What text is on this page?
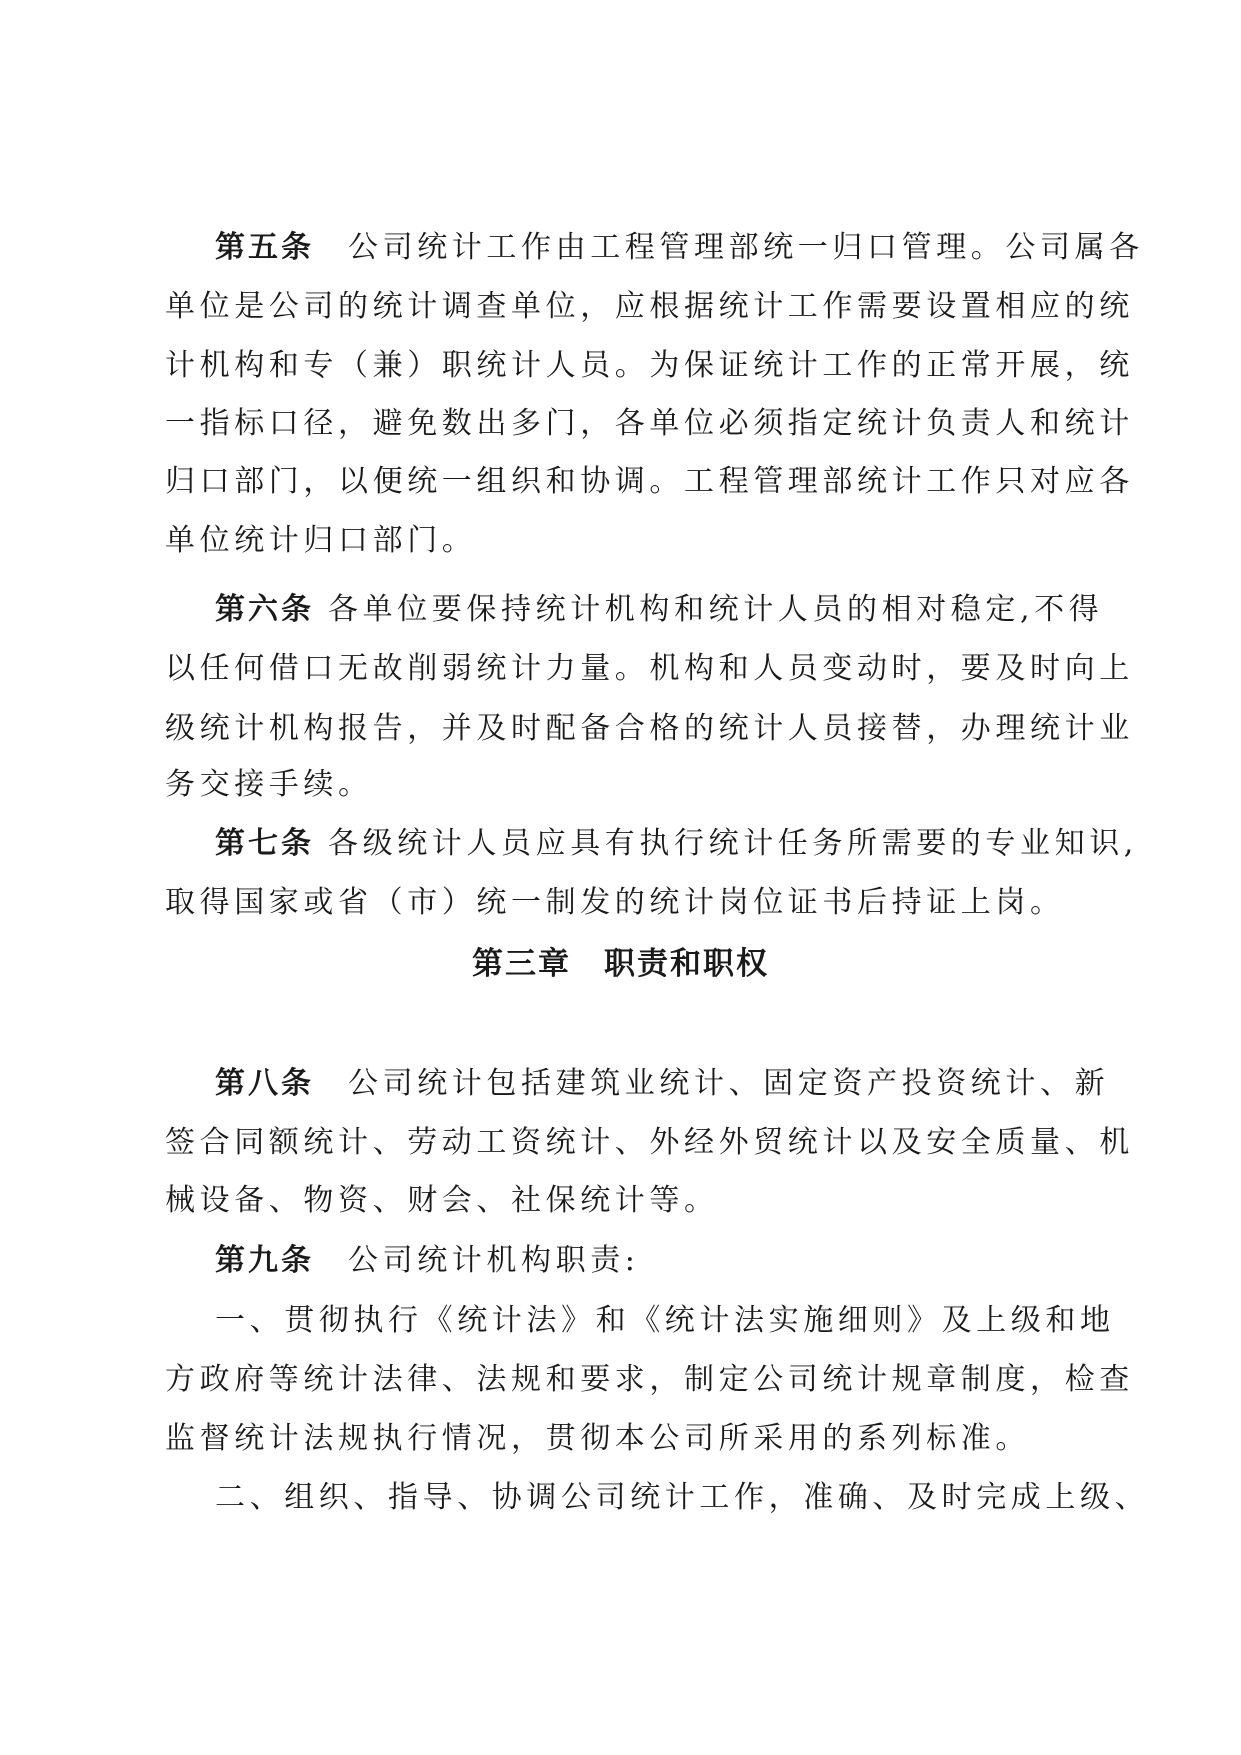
第五条 公司统计工作由工程管理部统一归口管理。公司属各
单位是公司的统计调查单位，应根据统计工作需要设置相应的统
计机构和专（兼）职统计人员。为保证统计工作的正常开展，统
一指标口径，避免数出多门，各单位必须指定统计负责人和统计
归口部门，以便统一组织和协调。工程管理部统计工作只对应各
单位统计归口部门。
第六条 各单位要保持统计机构和统计人员的相对稳定,不得
以任何借口无故削弱统计力量。机构和人员变动时，要及时向上
级统计机构报告，并及时配备合格的统计人员接替，办理统计业
务交接手续。
第七条 各级统计人员应具有执行统计任务所需要的专业知识,
取得国家或省（市）统一制发的统计岗位证书后持证上岗。
第三章　职责和职权
第八条 公司统计包括建筑业统计、固定资产投资统计、新
签合同额统计、劳动工资统计、外经外贸统计以及安全质量、机
械设备、物资、财会、社保统计等。
第九条 公司统计机构职责:
一、贯彻执行《统计法》和《统计法实施细则》及上级和地
方政府等统计法律、法规和要求，制定公司统计规章制度，检查
监督统计法规执行情况，贯彻本公司所采用的系列标准。
二、组织、指导、协调公司统计工作，准确、及时完成上级、
